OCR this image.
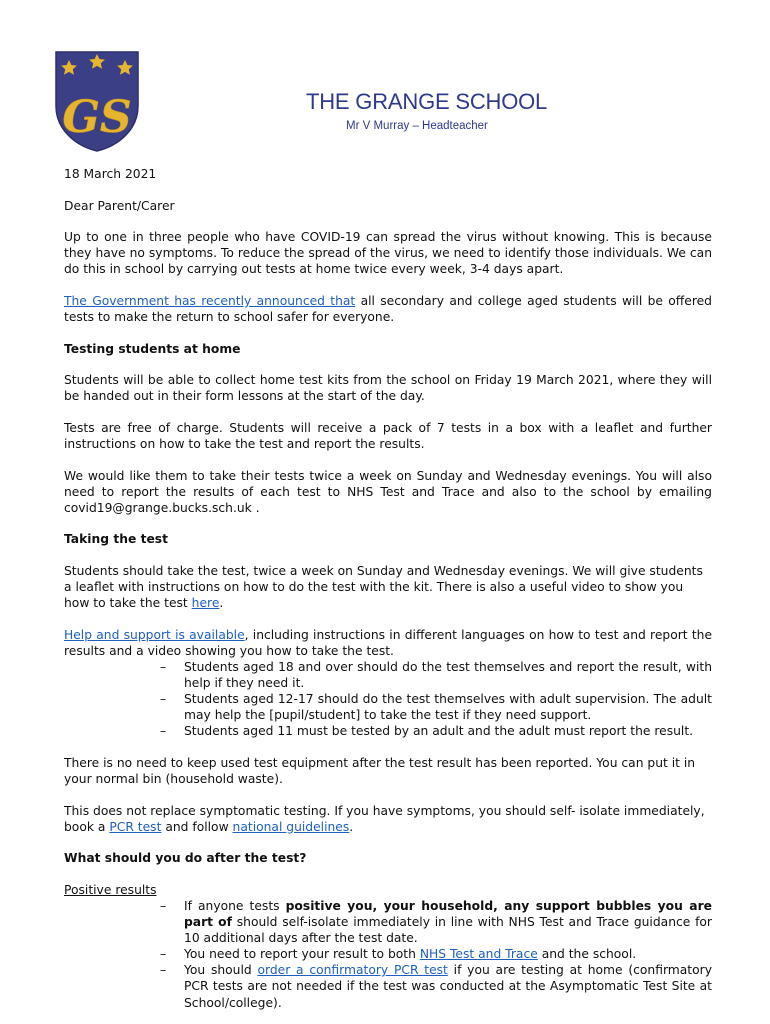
GS	THE GRANGE SCHOOL
Mr V Murray – Headteacher

18 March 2021

Dear Parent/Carer

Up to one in three people who have COVID-19 can spread the virus without knowing. This is because they have no symptoms. To reduce the spread of the virus, we need to identify those individuals. We can do this in school by carrying out tests at home twice every week, 3-4 days apart.

The Government has recently announced that all secondary and college aged students will be offered tests to make the return to school safer for everyone.

Testing students at home

Students will be able to collect home test kits from the school on Friday 19 March 2021, where they will be handed out in their form lessons at the start of the day.

Tests are free of charge. Students will receive a pack of 7 tests in a box with a leaflet and further instructions on how to take the test and report the results.

We would like them to take their tests twice a week on Sunday and Wednesday evenings. You will also need to report the results of each test to NHS Test and Trace and also to the school by emailing covid19@grange.bucks.sch.uk .

Taking the test

Students should take the test, twice a week on Sunday and Wednesday evenings. We will give students a leaflet with instructions on how to do the test with the kit. There is also a useful video to show you how to take the test here.

Help and support is available, including instructions in different languages on how to test and report the results and a video showing you how to take the test.

– Students aged 18 and over should do the test themselves and report the result, with help if they need it.
– Students aged 12-17 should do the test themselves with adult supervision. The adult may help the [pupil/student] to take the test if they need support.
– Students aged 11 must be tested by an adult and the adult must report the result.

There is no need to keep used test equipment after the test result has been reported. You can put it in your normal bin (household waste).

This does not replace symptomatic testing. If you have symptoms, you should self- isolate immediately, book a PCR test and follow national guidelines.

What should you do after the test?
Positive results
– If anyone tests positive you, your household, any support bubbles you are part of should self-isolate immediately in line with NHS Test and Trace guidance for 10 additional days after the test date.
– You need to report your result to both NHS Test and Trace and the school.
– You should order a confirmatory PCR test if you are testing at home (confirmatory PCR tests are not needed if the test was conducted at the Asymptomatic Test Site at School/college).
